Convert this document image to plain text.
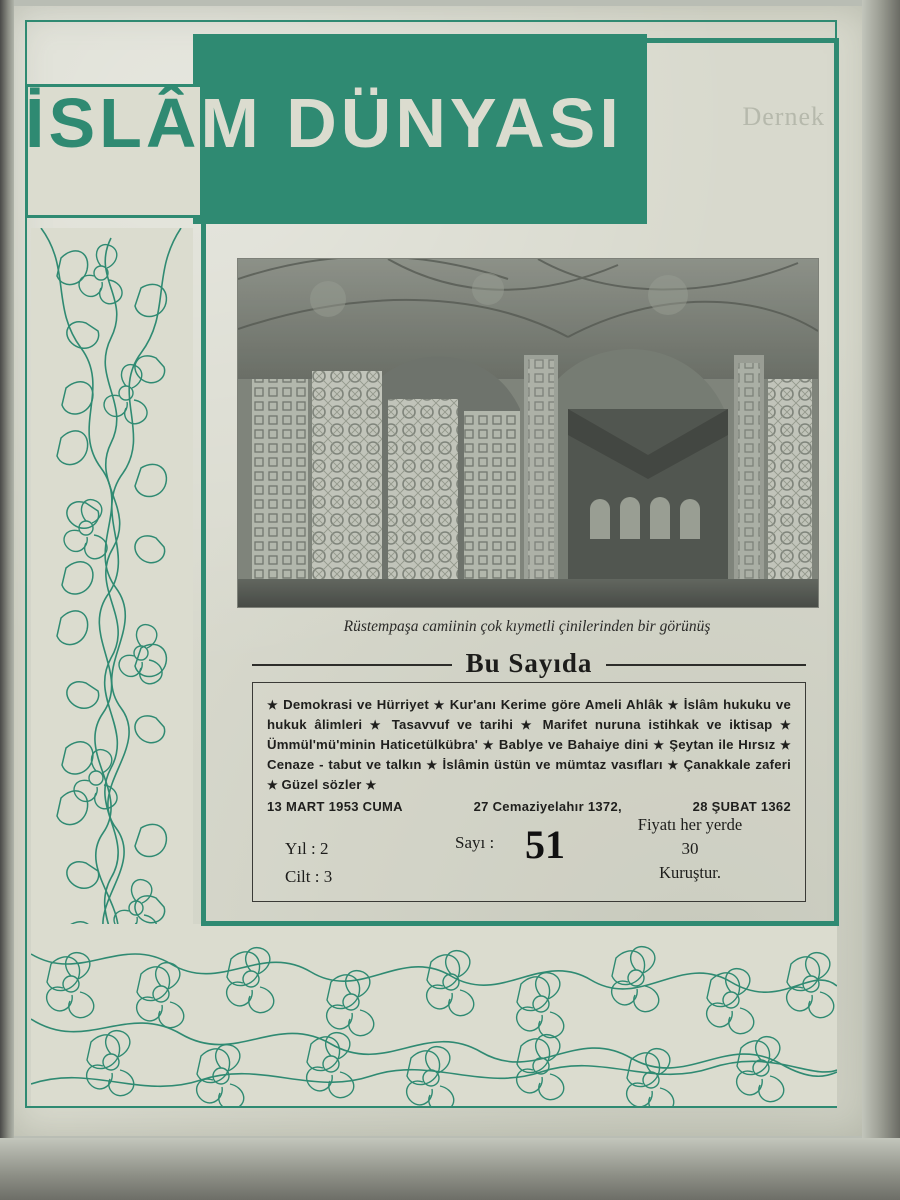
Dernek
İSLÂM DÜNYASI
Rüstempaşa camiinin çok kıymetli çinilerinden bir görünüş
Bu Sayıda
★ Demokrasi ve Hürriyet ★ Kur'anı Kerime göre Ameli Ahlâk ★ İslâm hukuku ve hukuk âlimleri ★ Tasavvuf ve tarihi ★ Marifet nuruna istihkak ve iktisap ★ Ümmül'mü'minin Haticetülkübra' ★ Bablye ve Bahaiye dini ★ Şeytan ile Hırsız ★ Cenaze - tabut ve talkın ★ İslâmin üstün ve mümtaz vasıfları ★ Çanakkale zaferi ★ Güzel sözler ★
13 MART 1953 CUMA	27 Cemaziyelahır 1372,	28 ŞUBAT 1362
Yıl : 2
Cilt : 3
Sayı : 51	Fiyatı her yerde
30
Kuruştur.
